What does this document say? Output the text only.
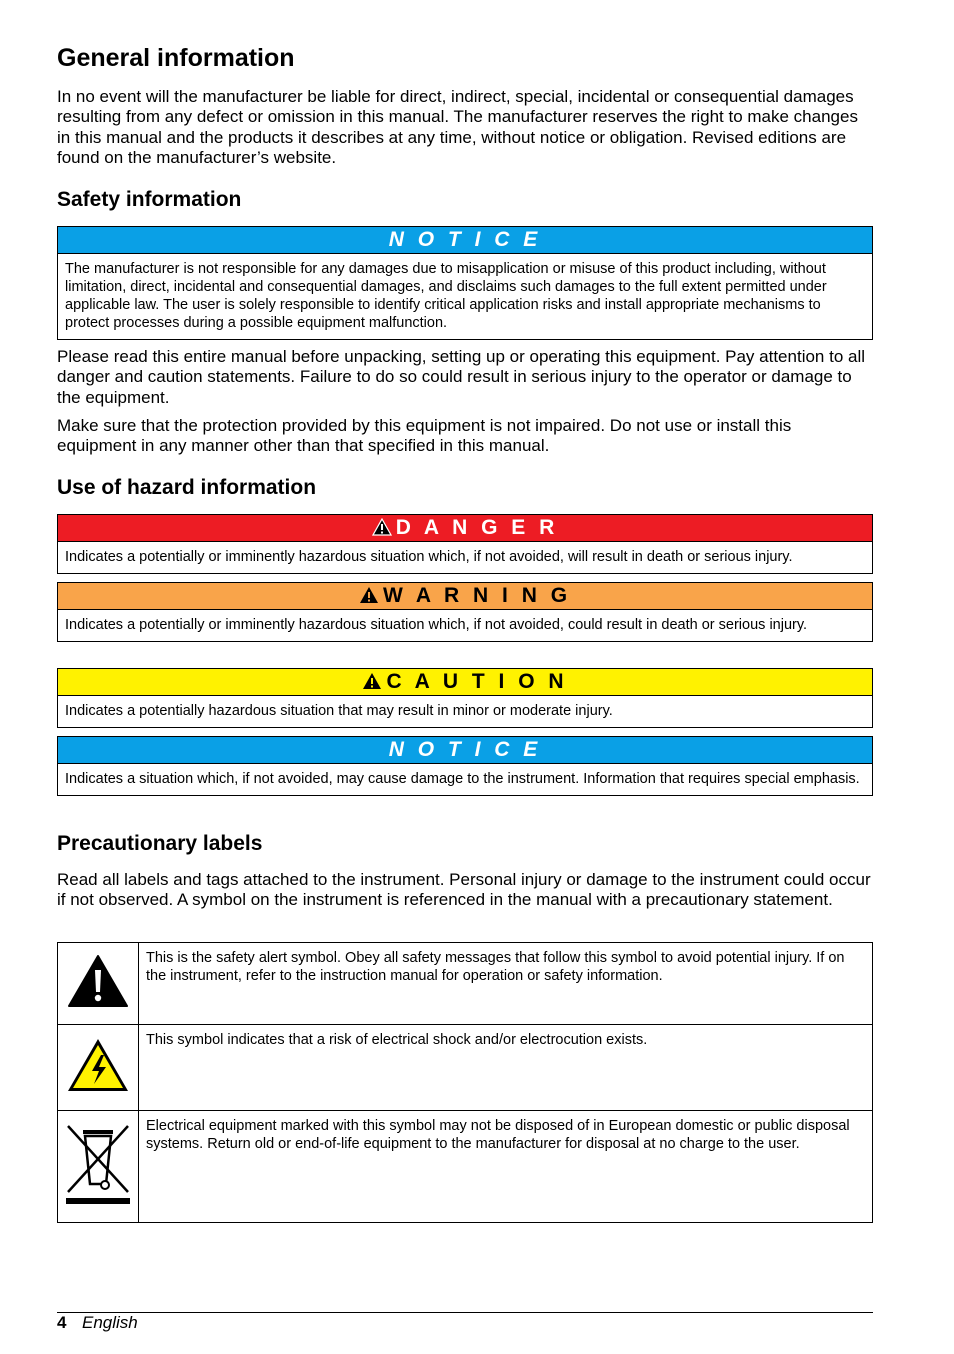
General information

In no event will the manufacturer be liable for direct, indirect, special, incidental or consequential damages resulting from any defect or omission in this manual. The manufacturer reserves the right to make changes in this manual and the products it describes at any time, without notice or obligation. Revised editions are found on the manufacturer’s website.

Safety information
N O T I C E
The manufacturer is not responsible for any damages due to misapplication or misuse of this product including, without limitation, direct, incidental and consequential damages, and disclaims such damages to the full extent permitted under applicable law. The user is solely responsible to identify critical application risks and install appropriate mechanisms to protect processes during a possible equipment malfunction.

Please read this entire manual before unpacking, setting up or operating this equipment. Pay attention to all danger and caution statements. Failure to do so could result in serious injury to the operator or damage to the equipment.

Make sure that the protection provided by this equipment is not impaired. Do not use or install this equipment in any manner other than that specified in this manual.

Use of hazard information
D A N G E R
Indicates a potentially or imminently hazardous situation which, if not avoided, will result in death or serious injury.
W A R N I N G
Indicates a potentially or imminently hazardous situation which, if not avoided, could result in death or serious injury.
C A U T I O N
Indicates a potentially hazardous situation that may result in minor or moderate injury.
N O T I C E
Indicates a situation which, if not avoided, may cause damage to the instrument. Information that requires special emphasis.
Precautionary labels

Read all labels and tags attached to the instrument. Personal injury or damage to the instrument could occur if not observed. A symbol on the instrument is referenced in the manual with a precautionary statement.

	This is the safety alert symbol. Obey all safety messages that follow this symbol to avoid potential injury. If on the instrument, refer to the instruction manual for operation or safety information.
	This symbol indicates that a risk of electrical shock and/or electrocution exists.
	Electrical equipment marked with this symbol may not be disposed of in European domestic or public disposal systems. Return old or end-of-life equipment to the manufacturer for disposal at no charge to the user.
4 English
